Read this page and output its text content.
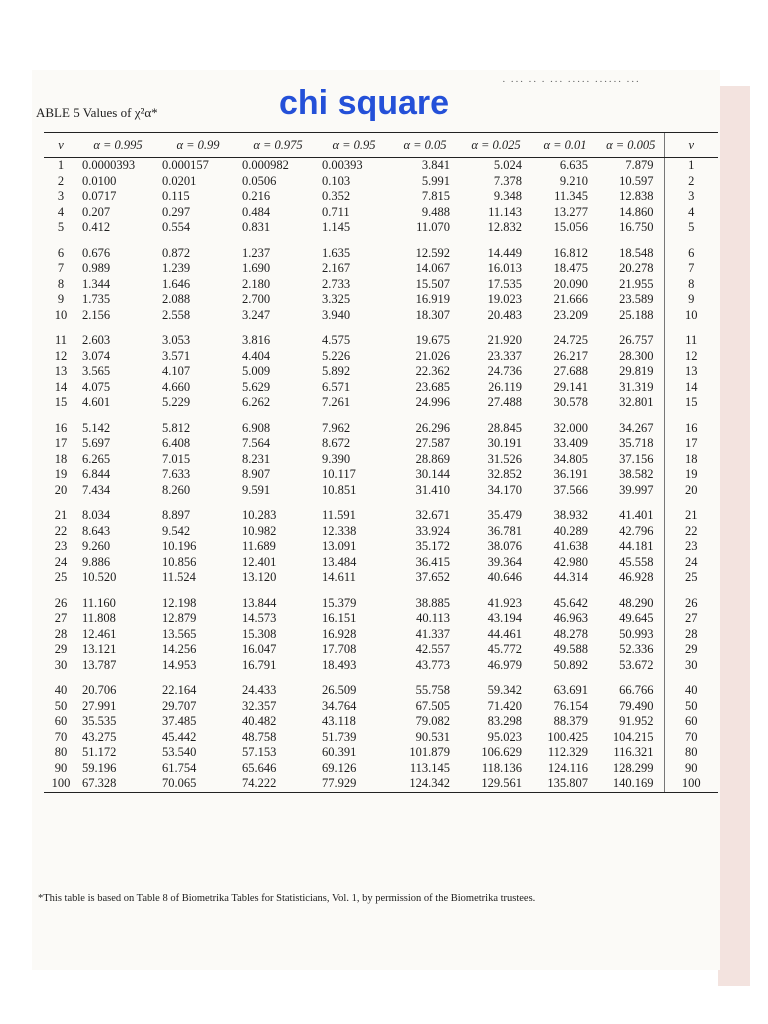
· ··· ·· · ··· ····· ······ ···
ABLE 5 Values of χ²α*	chi square
ν	α = 0.995	α = 0.99	α = 0.975	α = 0.95	α = 0.05	α = 0.025	α = 0.01	α = 0.005	ν
1	0.0000393	0.000157	0.000982	0.00393	3.841	5.024	6.635	7.879	1
2	0.0100	0.0201	0.0506	0.103	5.991	7.378	9.210	10.597	2
3	0.0717	0.115	0.216	0.352	7.815	9.348	11.345	12.838	3
4	0.207	0.297	0.484	0.711	9.488	11.143	13.277	14.860	4
5	0.412	0.554	0.831	1.145	11.070	12.832	15.056	16.750	5
6	0.676	0.872	1.237	1.635	12.592	14.449	16.812	18.548	6
7	0.989	1.239	1.690	2.167	14.067	16.013	18.475	20.278	7
8	1.344	1.646	2.180	2.733	15.507	17.535	20.090	21.955	8
9	1.735	2.088	2.700	3.325	16.919	19.023	21.666	23.589	9
10	2.156	2.558	3.247	3.940	18.307	20.483	23.209	25.188	10
11	2.603	3.053	3.816	4.575	19.675	21.920	24.725	26.757	11
12	3.074	3.571	4.404	5.226	21.026	23.337	26.217	28.300	12
13	3.565	4.107	5.009	5.892	22.362	24.736	27.688	29.819	13
14	4.075	4.660	5.629	6.571	23.685	26.119	29.141	31.319	14
15	4.601	5.229	6.262	7.261	24.996	27.488	30.578	32.801	15
16	5.142	5.812	6.908	7.962	26.296	28.845	32.000	34.267	16
17	5.697	6.408	7.564	8.672	27.587	30.191	33.409	35.718	17
18	6.265	7.015	8.231	9.390	28.869	31.526	34.805	37.156	18
19	6.844	7.633	8.907	10.117	30.144	32.852	36.191	38.582	19
20	7.434	8.260	9.591	10.851	31.410	34.170	37.566	39.997	20
21	8.034	8.897	10.283	11.591	32.671	35.479	38.932	41.401	21
22	8.643	9.542	10.982	12.338	33.924	36.781	40.289	42.796	22
23	9.260	10.196	11.689	13.091	35.172	38.076	41.638	44.181	23
24	9.886	10.856	12.401	13.484	36.415	39.364	42.980	45.558	24
25	10.520	11.524	13.120	14.611	37.652	40.646	44.314	46.928	25
26	11.160	12.198	13.844	15.379	38.885	41.923	45.642	48.290	26
27	11.808	12.879	14.573	16.151	40.113	43.194	46.963	49.645	27
28	12.461	13.565	15.308	16.928	41.337	44.461	48.278	50.993	28
29	13.121	14.256	16.047	17.708	42.557	45.772	49.588	52.336	29
30	13.787	14.953	16.791	18.493	43.773	46.979	50.892	53.672	30
40	20.706	22.164	24.433	26.509	55.758	59.342	63.691	66.766	40
50	27.991	29.707	32.357	34.764	67.505	71.420	76.154	79.490	50
60	35.535	37.485	40.482	43.118	79.082	83.298	88.379	91.952	60
70	43.275	45.442	48.758	51.739	90.531	95.023	100.425	104.215	70
80	51.172	53.540	57.153	60.391	101.879	106.629	112.329	116.321	80
90	59.196	61.754	65.646	69.126	113.145	118.136	124.116	128.299	90
100	67.328	70.065	74.222	77.929	124.342	129.561	135.807	140.169	100
*This table is based on Table 8 of Biometrika Tables for Statisticians, Vol. 1, by permission of the Biometrika trustees.
